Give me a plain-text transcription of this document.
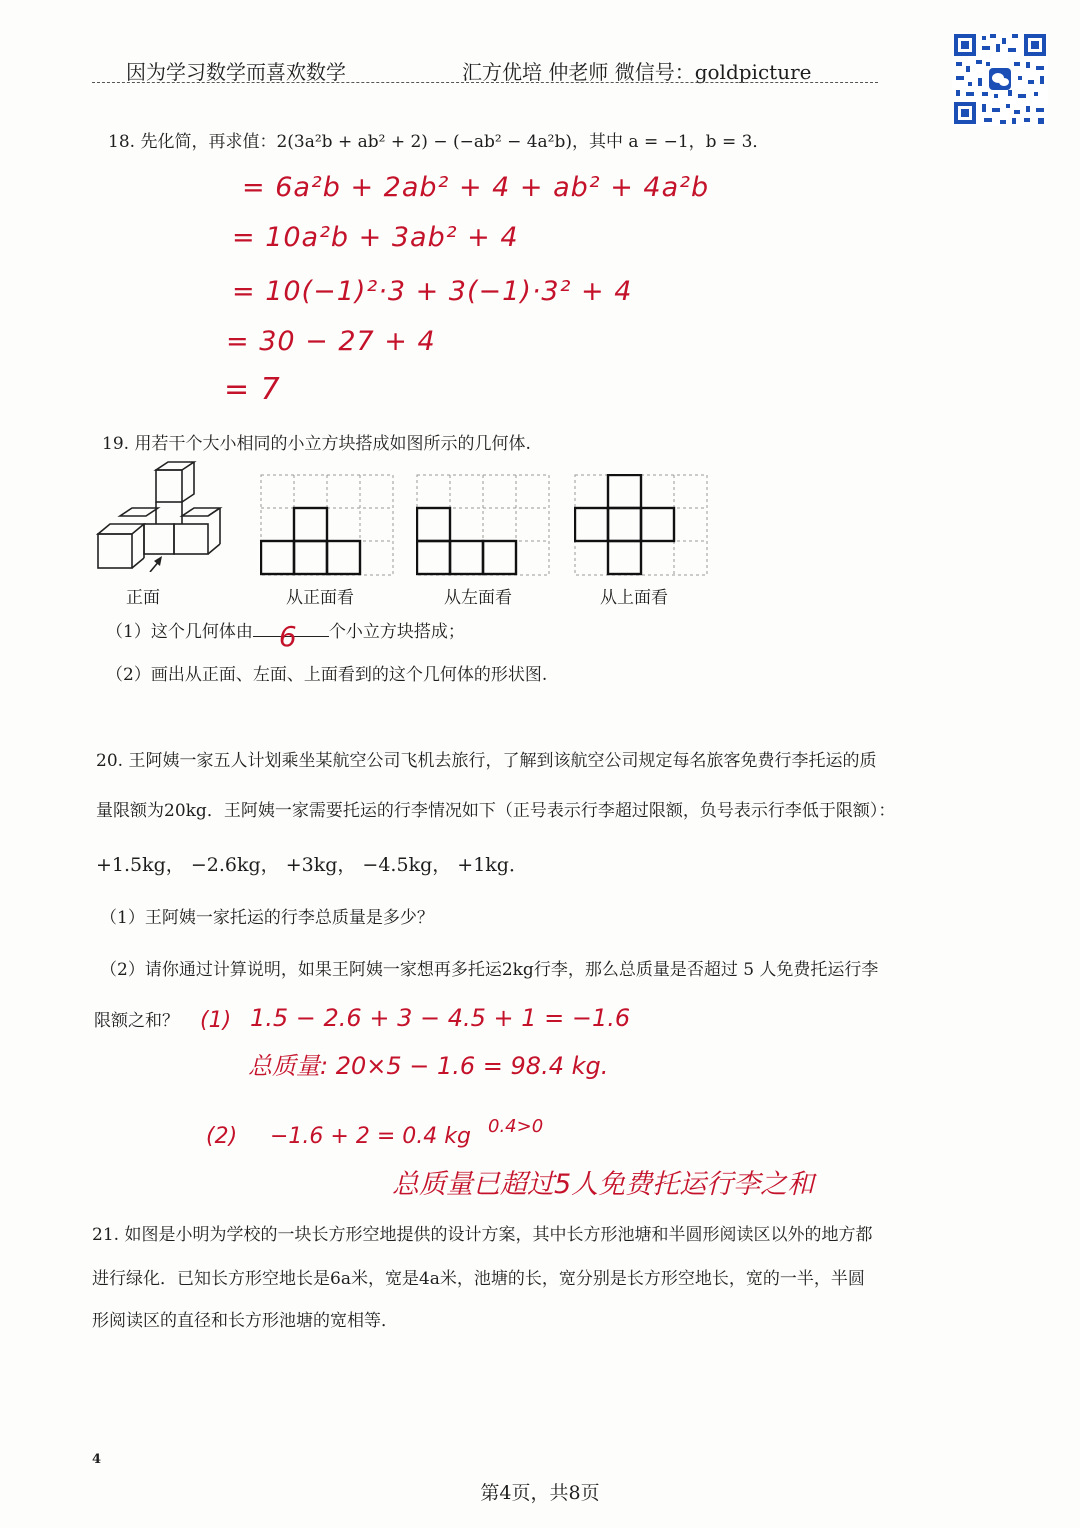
因为学习数学而喜欢数学	汇方优培 仲老师 微信号：goldpicture
18. 先化简，再求值：2(3a²b + ab² + 2) − (−ab² − 4a²b)，其中 a = −1，b = 3．
= 6a²b + 2ab² + 4 + ab² + 4a²b
= 10a²b + 3ab² + 4
= 10(−1)²·3 + 3(−1)·3² + 4
= 30 − 27 + 4
= 7
19. 用若干个大小相同的小立方块搭成如图所示的几何体.
正面	从正面看	从左面看	从上面看
（1）这个几何体由 6 个小立方块搭成；
（2）画出从正面、左面、上面看到的这个几何体的形状图.
20. 王阿姨一家五人计划乘坐某航空公司飞机去旅行，了解到该航空公司规定每名旅客免费行李托运的质
量限额为20kg．王阿姨一家需要托运的行李情况如下（正号表示行李超过限额，负号表示行李低于限额）：
+1.5kg， −2.6kg， +3kg， −4.5kg， +1kg．
（1）王阿姨一家托运的行李总质量是多少？
（2）请你通过计算说明，如果王阿姨一家想再多托运2kg行李，那么总质量是否超过 5 人免费托运行李
限额之和？ (1) 1.5 − 2.6 + 3 − 4.5 + 1 = −1.6
总质量: 20×5 − 1.6 = 98.4 kg.
(2) −1.6 + 2 = 0.4 kg 0.4>0
总质量已超过5人免费托运行李之和
21. 如图是小明为学校的一块长方形空地提供的设计方案，其中长方形池塘和半圆形阅读区以外的地方都
进行绿化．已知长方形空地长是6a米，宽是4a米，池塘的长，宽分别是长方形空地长，宽的一半，半圆
形阅读区的直径和长方形池塘的宽相等．
4
第4页，共8页
